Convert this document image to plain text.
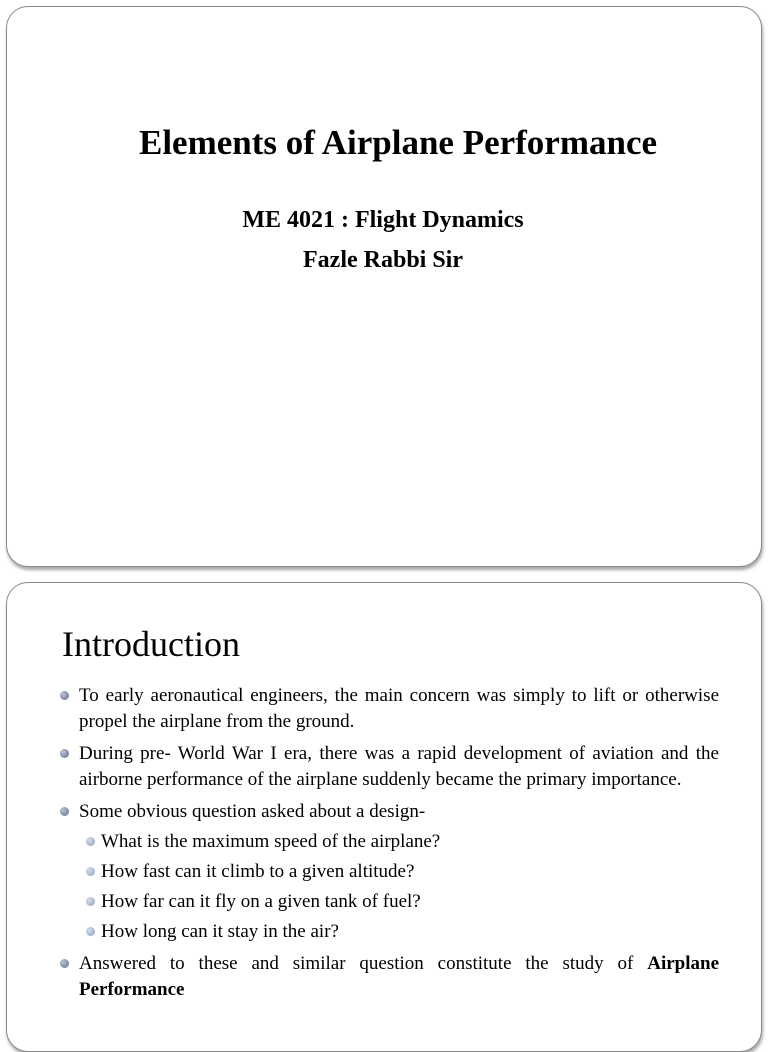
Elements of Airplane Performance
ME 4021 : Flight Dynamics
Fazle Rabbi Sir
Introduction
To early aeronautical engineers, the main concern was simply to lift or otherwise propel the airplane from the ground.
During pre- World War I era, there was a rapid development of aviation and the airborne performance of the airplane suddenly became the primary importance.
Some obvious question asked about a design-
What is the maximum speed of the airplane?
How fast can it climb to a given altitude?
How far can it fly on a given tank of fuel?
How long can it stay in the air?
Answered to these and similar question constitute the study of Airplane Performance
